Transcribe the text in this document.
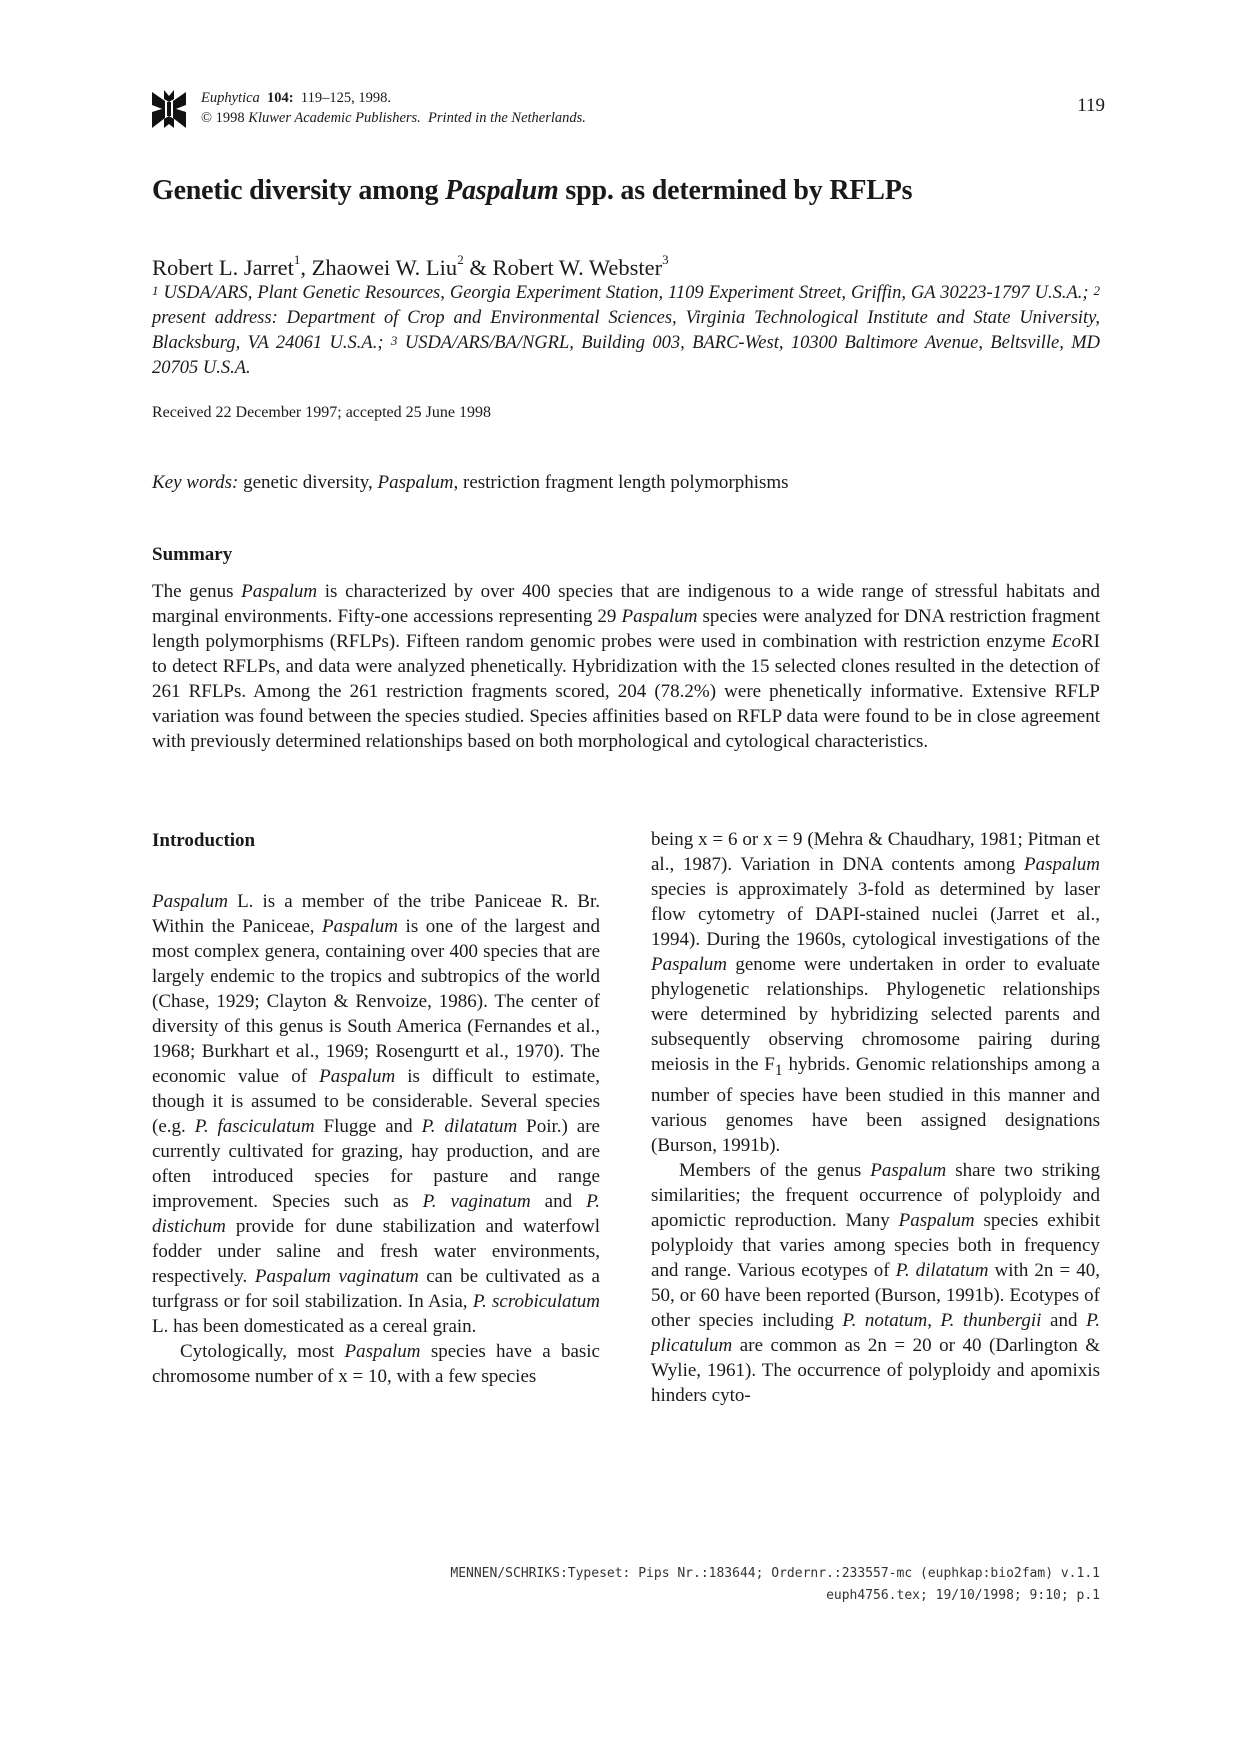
Euphytica 104: 119–125, 1998.
© 1998 Kluwer Academic Publishers. Printed in the Netherlands.
119
Genetic diversity among Paspalum spp. as determined by RFLPs
Robert L. Jarret$^1$, Zhaowei W. Liu$^2$ & Robert W. Webster$^3$
$^1$ USDA/ARS, Plant Genetic Resources, Georgia Experiment Station, 1109 Experiment Street, Griffin, GA 30223-1797 U.S.A.; $^2$ present address: Department of Crop and Environmental Sciences, Virginia Technological Institute and State University, Blacksburg, VA 24061 U.S.A.; $^3$ USDA/ARS/BA/NGRL, Building 003, BARC-West, 10300 Baltimore Avenue, Beltsville, MD 20705 U.S.A.
Received 22 December 1997; accepted 25 June 1998
Key words: genetic diversity, Paspalum, restriction fragment length polymorphisms
Summary
The genus Paspalum is characterized by over 400 species that are indigenous to a wide range of stressful habitats and marginal environments. Fifty-one accessions representing 29 Paspalum species were analyzed for DNA restriction fragment length polymorphisms (RFLPs). Fifteen random genomic probes were used in combination with restriction enzyme EcoRI to detect RFLPs, and data were analyzed phenetically. Hybridization with the 15 selected clones resulted in the detection of 261 RFLPs. Among the 261 restriction fragments scored, 204 (78.2%) were phenetically informative. Extensive RFLP variation was found between the species studied. Species affinities based on RFLP data were found to be in close agreement with previously determined relationships based on both morphological and cytological characteristics.
Introduction

Paspalum L. is a member of the tribe Paniceae R. Br. Within the Paniceae, Paspalum is one of the largest and most complex genera, containing over 400 species that are largely endemic to the tropics and subtropics of the world (Chase, 1929; Clayton & Renvoize, 1986). The center of diversity of this genus is South America (Fernandes et al., 1968; Burkhart et al., 1969; Rosengurtt et al., 1970). The economic value of Paspalum is difficult to estimate, though it is assumed to be considerable. Several species (e.g. P. fasciculatum Flugge and P. dilatatum Poir.) are currently cultivated for grazing, hay production, and are often introduced species for pasture and range improvement. Species such as P. vaginatum and P. distichum provide for dune stabilization and waterfowl fodder under saline and fresh water environments, respectively. Paspalum vaginatum can be cultivated as a turfgrass or for soil stabilization. In Asia, P. scrobiculatum L. has been domesticated as a cereal grain.

Cytologically, most Paspalum species have a basic chromosome number of x = 10, with a few species

being x = 6 or x = 9 (Mehra & Chaudhary, 1981; Pitman et al., 1987). Variation in DNA contents among Paspalum species is approximately 3-fold as determined by laser flow cytometry of DAPI-stained nuclei (Jarret et al., 1994). During the 1960s, cytological investigations of the Paspalum genome were undertaken in order to evaluate phylogenetic relationships. Phylogenetic relationships were determined by hybridizing selected parents and subsequently observing chromosome pairing during meiosis in the $F_1$ hybrids. Genomic relationships among a number of species have been studied in this manner and various genomes have been assigned designations (Burson, 1991b).

Members of the genus Paspalum share two striking similarities; the frequent occurrence of polyploidy and apomictic reproduction. Many Paspalum species exhibit polyploidy that varies among species both in frequency and range. Various ecotypes of P. dilatatum with 2n = 40, 50, or 60 have been reported (Burson, 1991b). Ecotypes of other species including P. notatum, P. thunbergii and P. plicatulum are common as 2n = 20 or 40 (Darlington & Wylie, 1961). The occurrence of polyploidy and apomixis hinders cyto-

MENNEN/SCHRIKS:Typeset: Pips Nr.:183644; Ordernr.:233557-mc (euphkap:bio2fam) v.1.1
euph4756.tex; 19/10/1998; 9:10; p.1
